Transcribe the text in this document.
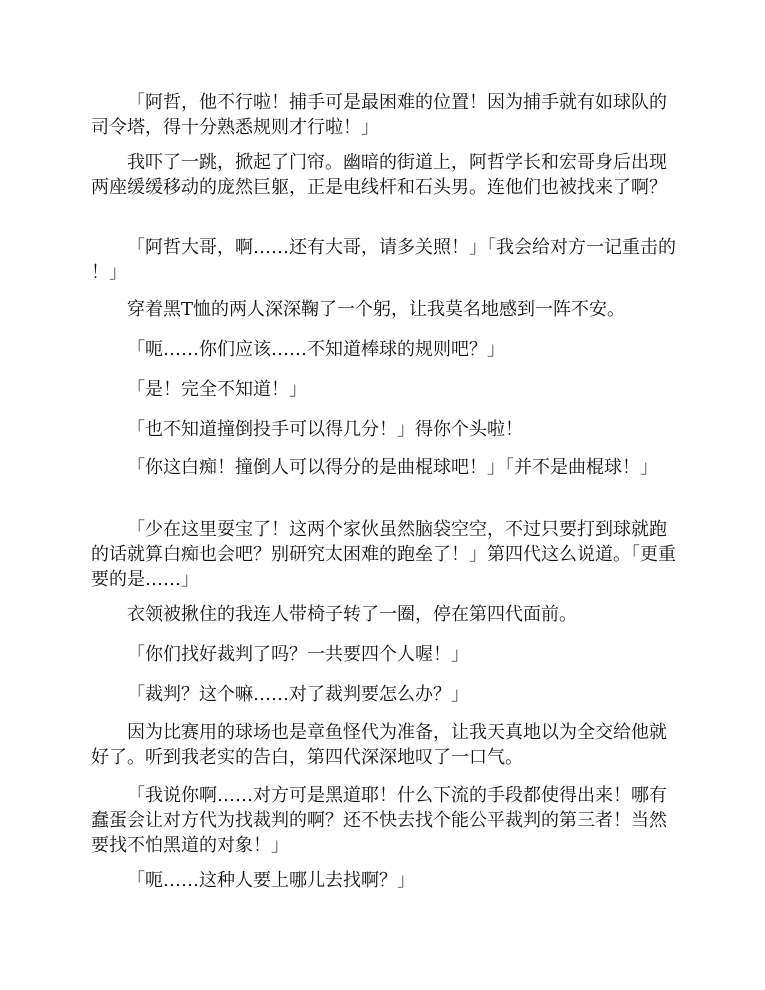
「阿哲，他不行啦！捕手可是最困难的位置！因为捕手就有如球队的司令塔，得十分熟悉规则才行啦！」

我吓了一跳，掀起了门帘。幽暗的街道上，阿哲学长和宏哥身后出现两座缓缓移动的庞然巨躯，正是电线杆和石头男。连他们也被找来了啊？

「阿哲大哥，啊……还有大哥，请多关照！」「我会给对方一记重击的！」

穿着黑T恤的两人深深鞠了一个躬，让我莫名地感到一阵不安。

「呃……你们应该……不知道棒球的规则吧？」

「是！完全不知道！」

「也不知道撞倒投手可以得几分！」得你个头啦！

「你这白痴！撞倒人可以得分的是曲棍球吧！」「并不是曲棍球！」

「少在这里耍宝了！这两个家伙虽然脑袋空空，不过只要打到球就跑的话就算白痴也会吧？别研究太困难的跑垒了！」第四代这么说道。「更重要的是……」

衣领被揪住的我连人带椅子转了一圈，停在第四代面前。

「你们找好裁判了吗？一共要四个人喔！」

「裁判？这个嘛……对了裁判要怎么办？」

因为比赛用的球场也是章鱼怪代为准备，让我天真地以为全交给他就好了。听到我老实的告白，第四代深深地叹了一口气。

「我说你啊……对方可是黑道耶！什么下流的手段都使得出来！哪有蠢蛋会让对方代为找裁判的啊？还不快去找个能公平裁判的第三者！当然要找不怕黑道的对象！」

「呃……这种人要上哪儿去找啊？」
